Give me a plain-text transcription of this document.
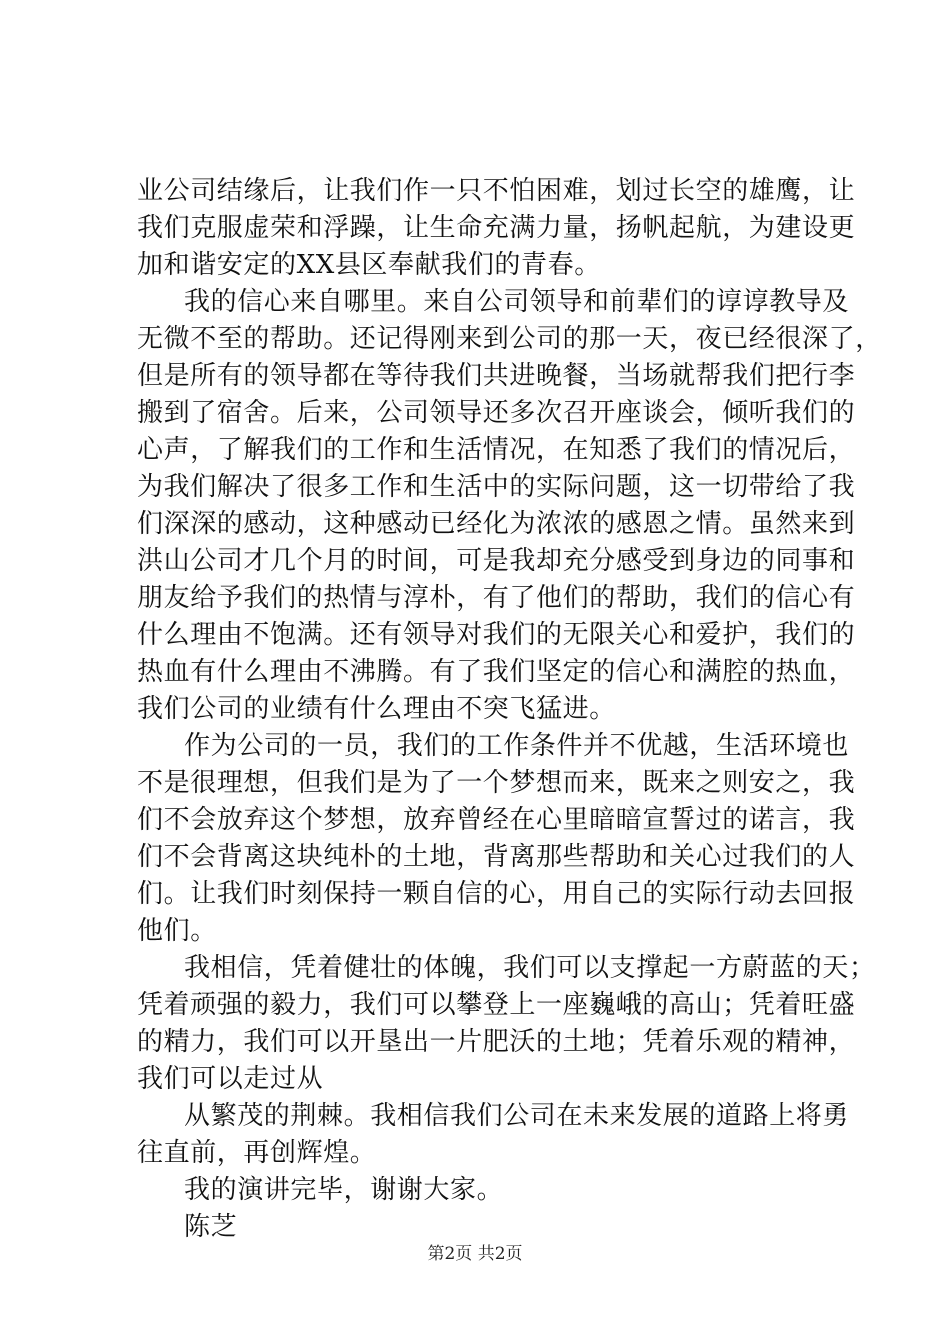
业公司结缘后，让我们作一只不怕困难，划过长空的雄鹰，让
我们克服虚荣和浮躁，让生命充满力量，扬帆起航，为建设更
加和谐安定的XX县区奉献我们的青春。
我的信心来自哪里。来自公司领导和前辈们的谆谆教导及
无微不至的帮助。还记得刚来到公司的那一天，夜已经很深了，
但是所有的领导都在等待我们共进晚餐，当场就帮我们把行李
搬到了宿舍。后来，公司领导还多次召开座谈会，倾听我们的
心声，了解我们的工作和生活情况，在知悉了我们的情况后，
为我们解决了很多工作和生活中的实际问题，这一切带给了我
们深深的感动，这种感动已经化为浓浓的感恩之情。虽然来到
洪山公司才几个月的时间，可是我却充分感受到身边的同事和
朋友给予我们的热情与淳朴，有了他们的帮助，我们的信心有
什么理由不饱满。还有领导对我们的无限关心和爱护，我们的
热血有什么理由不沸腾。有了我们坚定的信心和满腔的热血，
我们公司的业绩有什么理由不突飞猛进。
作为公司的一员，我们的工作条件并不优越，生活环境也
不是很理想，但我们是为了一个梦想而来，既来之则安之，我
们不会放弃这个梦想，放弃曾经在心里暗暗宣誓过的诺言，我
们不会背离这块纯朴的土地，背离那些帮助和关心过我们的人
们。让我们时刻保持一颗自信的心，用自己的实际行动去回报
他们。
我相信，凭着健壮的体魄，我们可以支撑起一方蔚蓝的天；
凭着顽强的毅力，我们可以攀登上一座巍峨的高山；凭着旺盛
的精力，我们可以开垦出一片肥沃的土地；凭着乐观的精神，
我们可以走过从
从繁茂的荆棘。我相信我们公司在未来发展的道路上将勇
往直前，再创辉煌。
我的演讲完毕，谢谢大家。
陈芝
第2页 共2页
